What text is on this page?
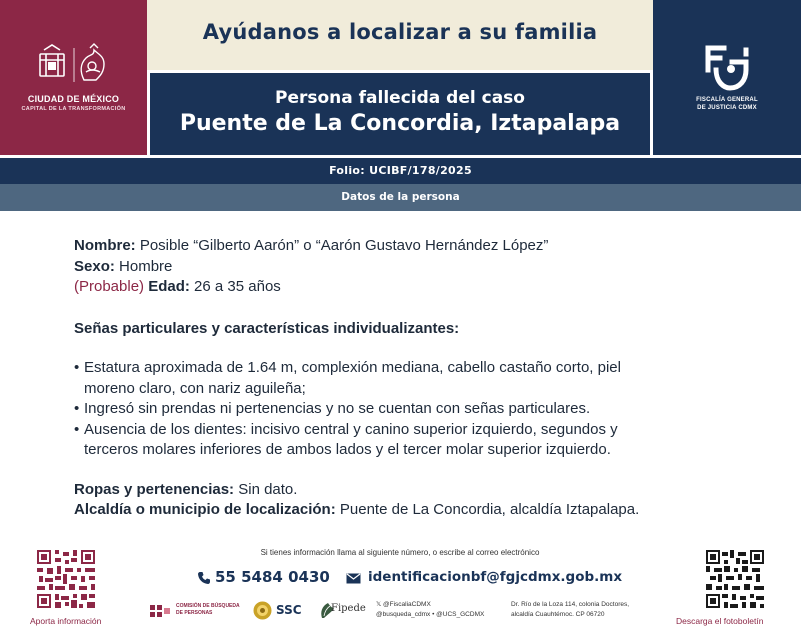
Ayúdanos a localizar a su familia
Persona fallecida del caso
Puente de La Concordia, Iztapalapa
CIUDAD DE MÉXICO
CAPITAL DE LA TRANSFORMACIÓN
FISCALÍA GENERAL
DE JUSTICIA CDMX
Folio: UCIBF/178/2025
Datos de la persona
Nombre: Posible “Gilberto Aarón” o “Aarón Gustavo Hernández López”
Sexo: Hombre
(Probable) Edad: 26 a 35 años
Señas particulares y características individualizantes:
• Estatura aproximada de 1.64 m, complexión mediana, cabello castaño corto, piel
moreno claro, con nariz aguileña;
• Ingresó sin prendas ni pertenencias y no se cuentan con señas particulares.
• Ausencia de los dientes: incisivo central y canino superior izquierdo, segundos y
terceros molares inferiores de ambos lados y el tercer molar superior izquierdo.
Ropas y pertenencias: Sin dato.
Alcaldía o municipio de localización: Puente de La Concordia, alcaldía Iztapalapa.
Si tienes información llama al siguiente número, o escribe al correo electrónico
55 5484 0430	identificacionbf@fgjcdmx.gob.mx
Aporta información	Descarga el fotoboletín
COMISIÓN DE BÚSQUEDA
DE PERSONAS	SSC	Fipede 𝕏 @FiscaliaCDMX
@busqueda_cdmx • @UCS_GCDMX
Dr. Río de la Loza 114, colonia Doctores,
alcaldía Cuauhtémoc. CP 06720
